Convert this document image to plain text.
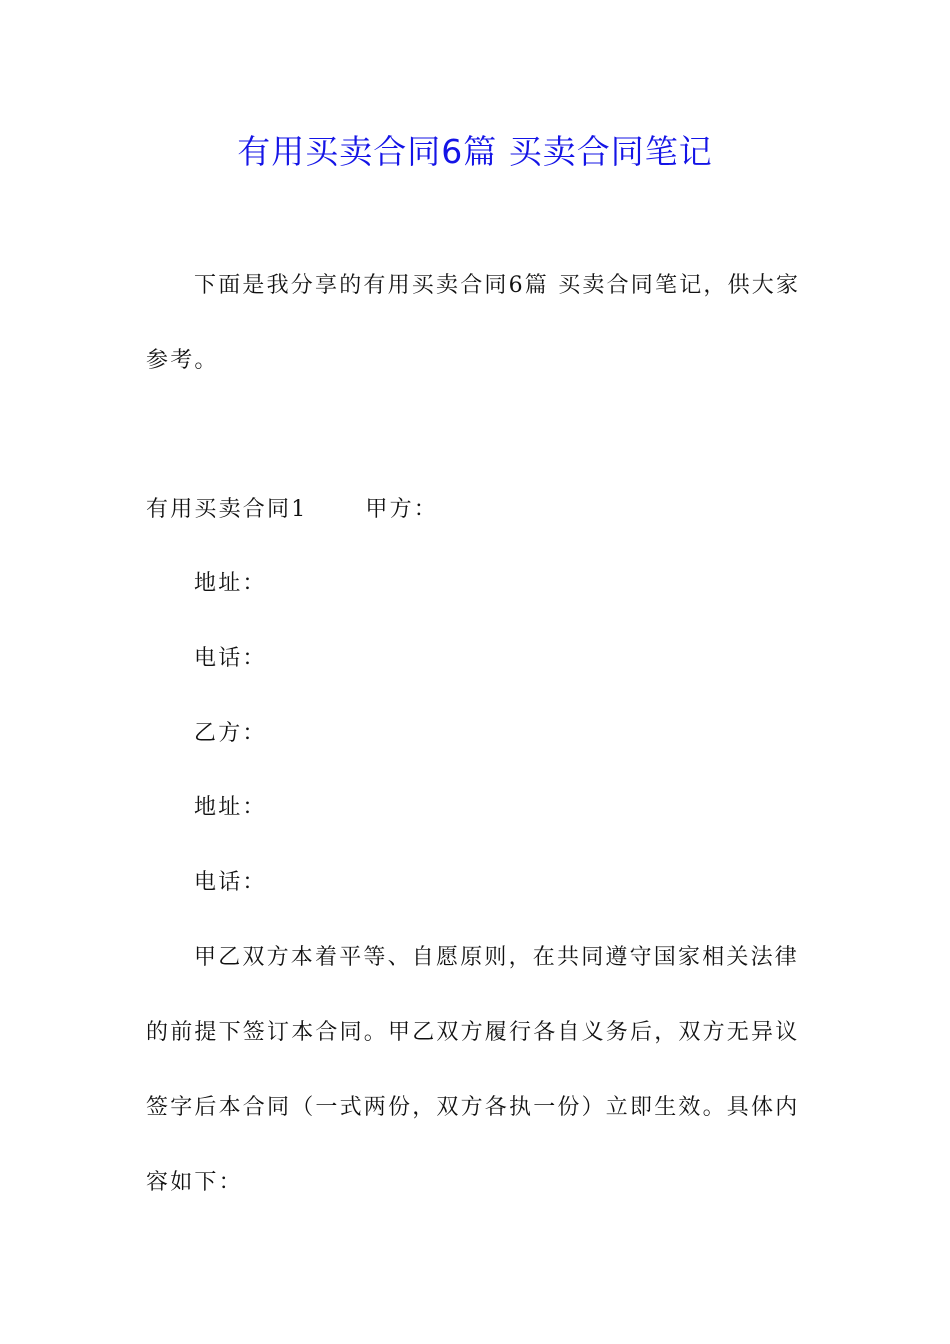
有用买卖合同6篇 买卖合同笔记
下面是我分享的有用买卖合同6篇 买卖合同笔记，供大家参考。
有用买卖合同1	甲方：
地址：
电话：
乙方：
地址：
电话：
甲乙双方本着平等、自愿原则，在共同遵守国家相关法律的前提下签订本合同。甲乙双方履行各自义务后，双方无异议签字后本合同（一式两份，双方各执一份）立即生效。具体内容如下：
